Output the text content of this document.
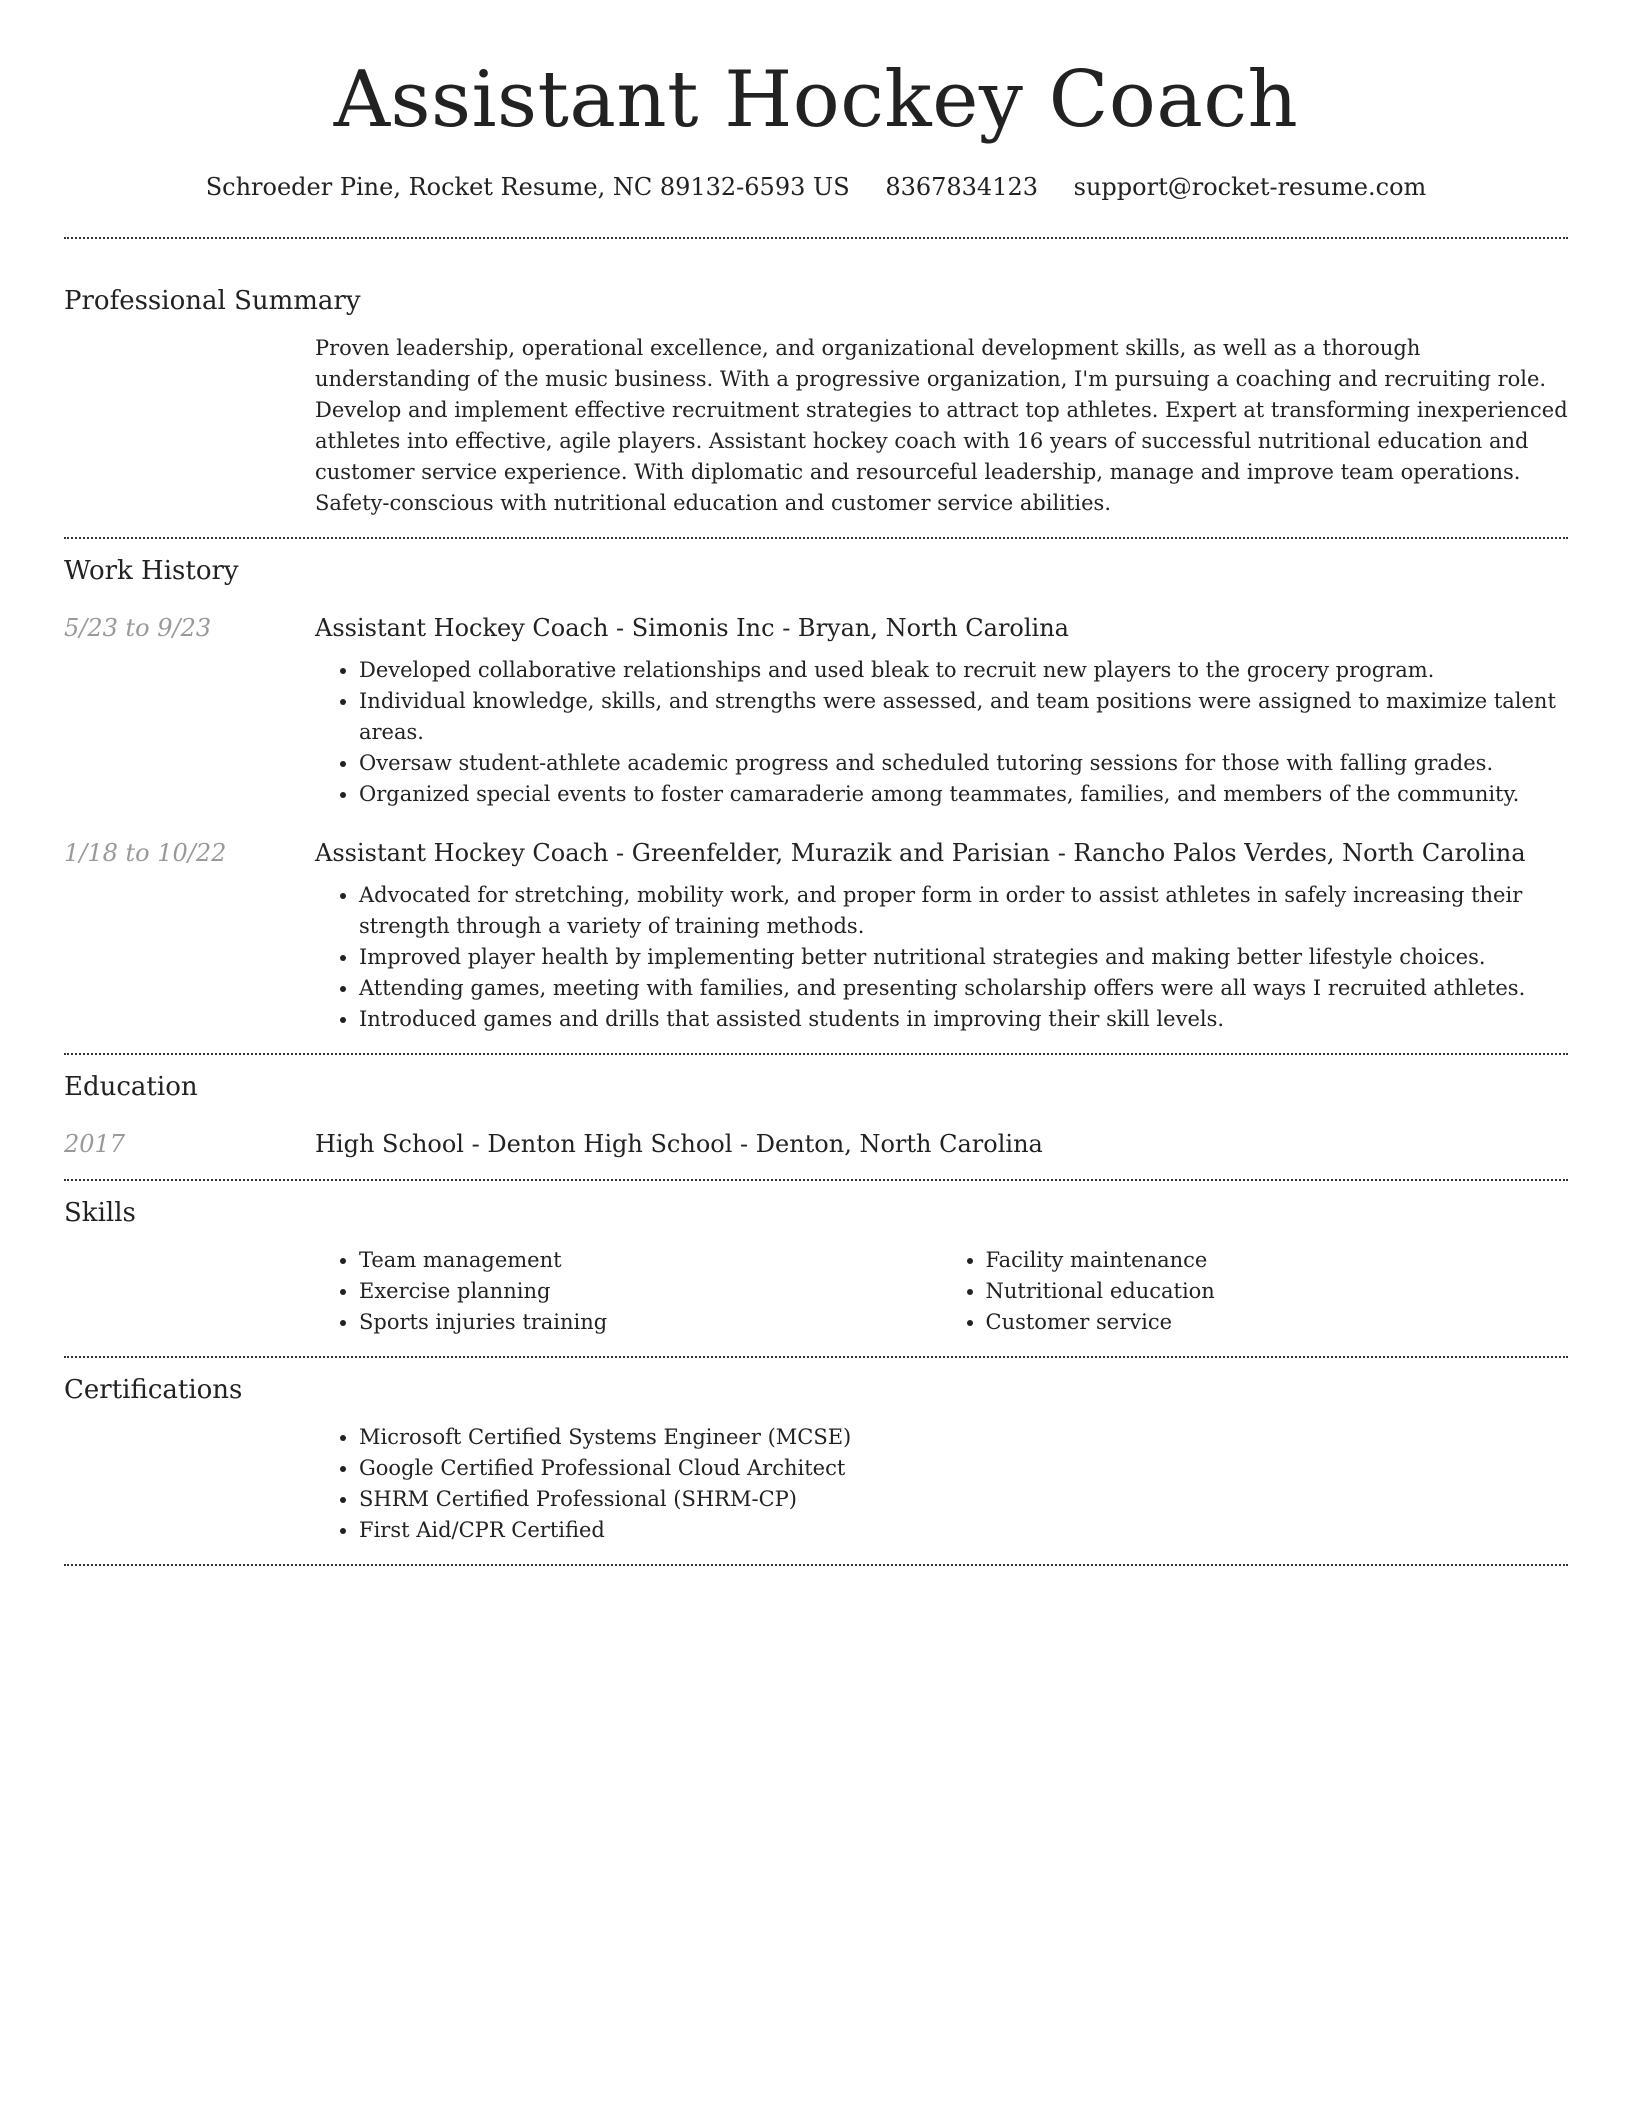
Assistant Hockey Coach
Schroeder Pine, Rocket Resume, NC 89132-6593 US 8367834123 support@rocket-resume.com
Professional Summary

Proven leadership, operational excellence, and organizational development skills, as well as a thorough understanding of the music business. With a progressive organization, I'm pursuing a coaching and recruiting role. Develop and implement effective recruitment strategies to attract top athletes. Expert at transforming inexperienced athletes into effective, agile players. Assistant hockey coach with 16 years of successful nutritional education and customer service experience. With diplomatic and resourceful leadership, manage and improve team operations. Safety-conscious with nutritional education and customer service abilities.

Work History
5/23 to 9/23	Assistant Hockey Coach - Simonis Inc - Bryan, North Carolina
• Developed collaborative relationships and used bleak to recruit new players to the grocery program.
• Individual knowledge, skills, and strengths were assessed, and team positions were assigned to maximize talent areas.
• Oversaw student-athlete academic progress and scheduled tutoring sessions for those with falling grades.
• Organized special events to foster camaraderie among teammates, families, and members of the community.
1/18 to 10/22	Assistant Hockey Coach - Greenfelder, Murazik and Parisian - Rancho Palos Verdes, North Carolina
• Advocated for stretching, mobility work, and proper form in order to assist athletes in safely increasing their strength through a variety of training methods.
• Improved player health by implementing better nutritional strategies and making better lifestyle choices.
• Attending games, meeting with families, and presenting scholarship offers were all ways I recruited athletes.
• Introduced games and drills that assisted students in improving their skill levels.
Education
2017	High School - Denton High School - Denton, North Carolina
Skills
• Team management
• Exercise planning
• Sports injuries training
• Facility maintenance
• Nutritional education
• Customer service
Certifications
• Microsoft Certified Systems Engineer (MCSE)
• Google Certified Professional Cloud Architect
• SHRM Certified Professional (SHRM-CP)
• First Aid/CPR Certified
